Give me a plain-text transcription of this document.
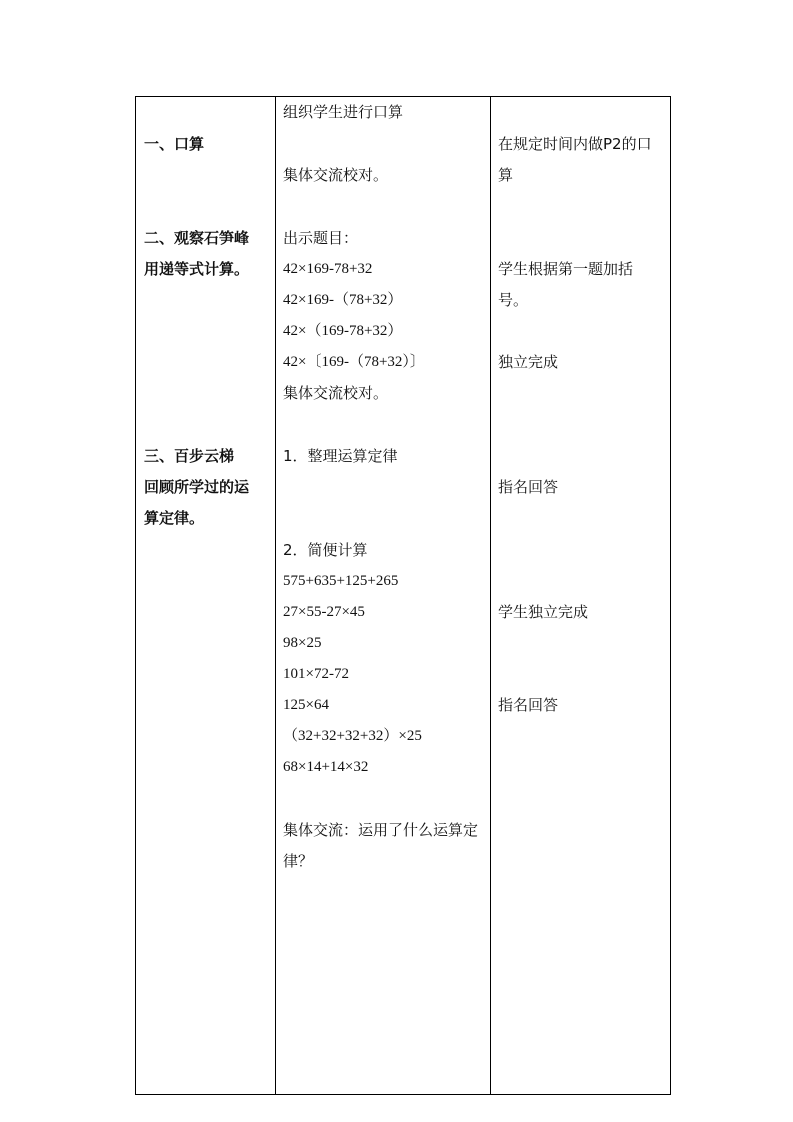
一、口算
二、观察石笋峰
用递等式计算。
三、百步云梯
回顾所学过的运
算定律。
组织学生进行口算
集体交流校对。
出示题目：
42×169-78+32
42×169-（78+32）
42×（169-78+32）
42×〔169-（78+32）〕
集体交流校对。
1．整理运算定律
2．简便计算
575+635+125+265
27×55-27×45
98×25
101×72-72
125×64
（32+32+32+32）×25
68×14+14×32
集体交流：运用了什么运算定
律？
在规定时间内做P2的口
算
学生根据第一题加括
号。
独立完成
指名回答
学生独立完成
指名回答
